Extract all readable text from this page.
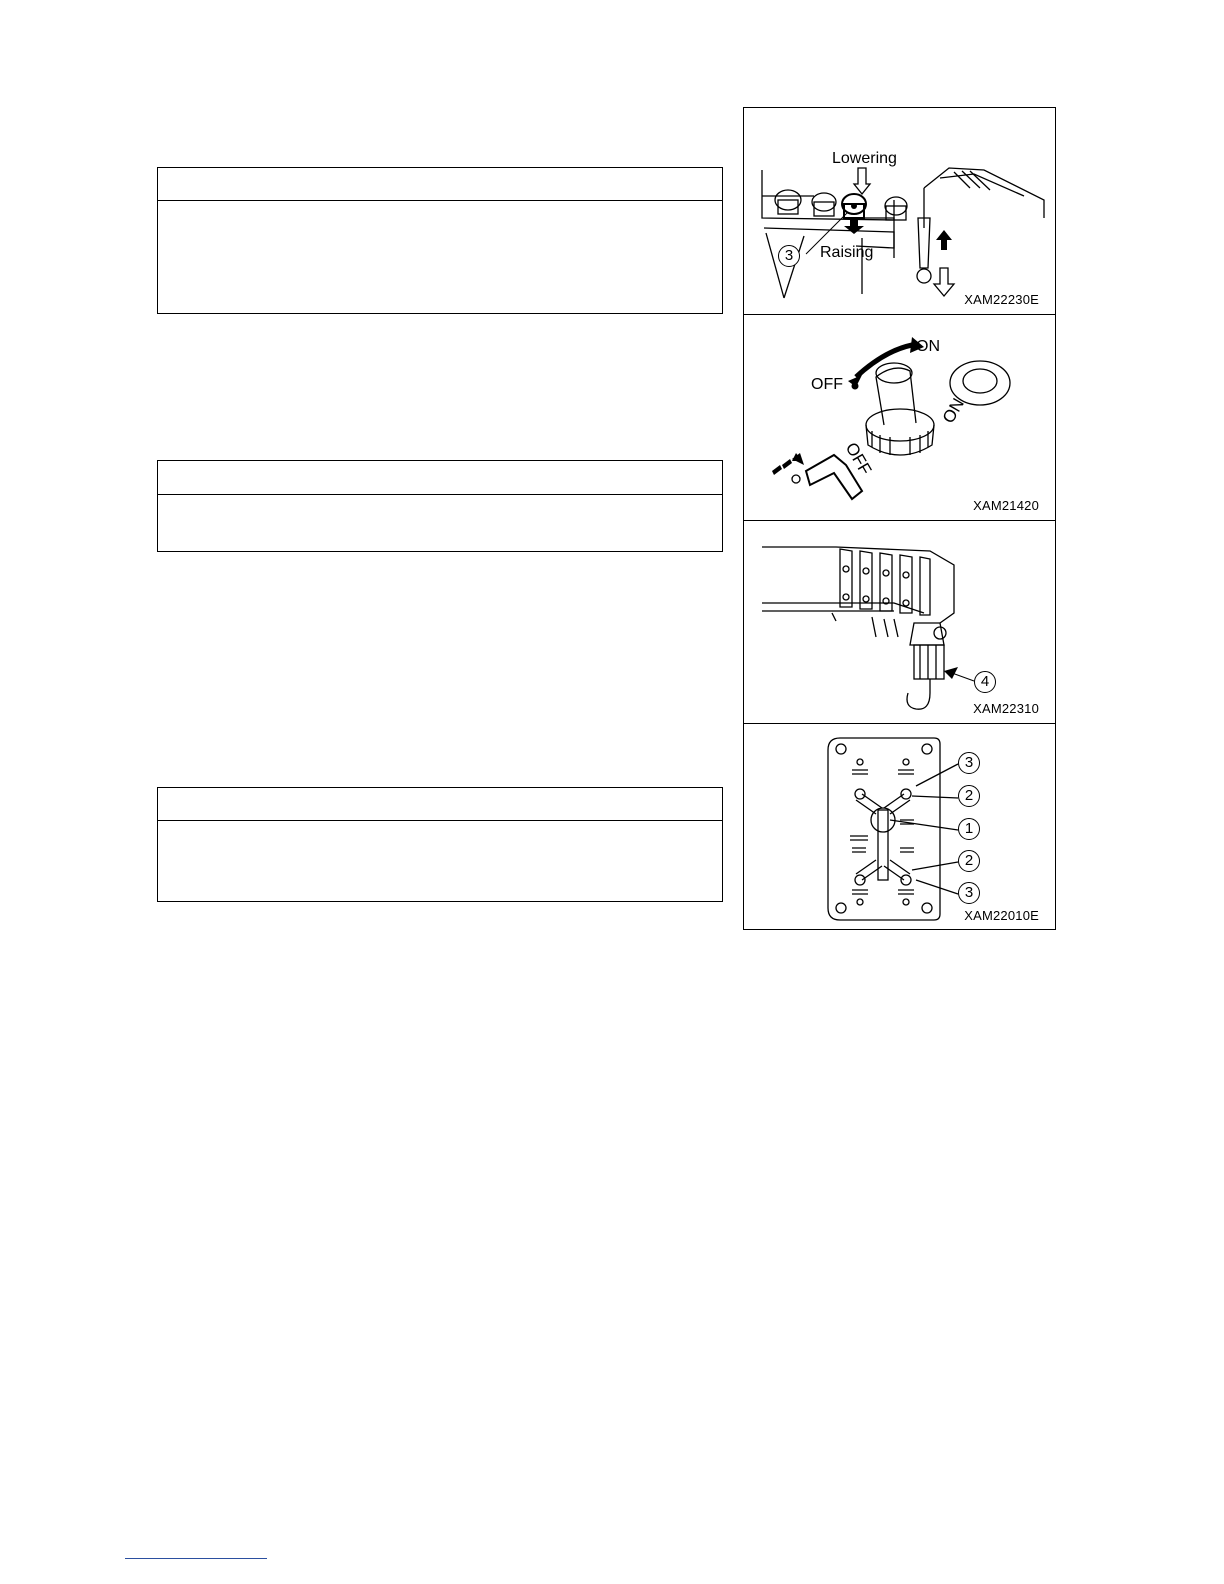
Lowering
Raising
3
XAM22230E
ON
OFF
ON
OFF
XAM21420
4
XAM22310
3
2
1
2
3
XAM22010E
